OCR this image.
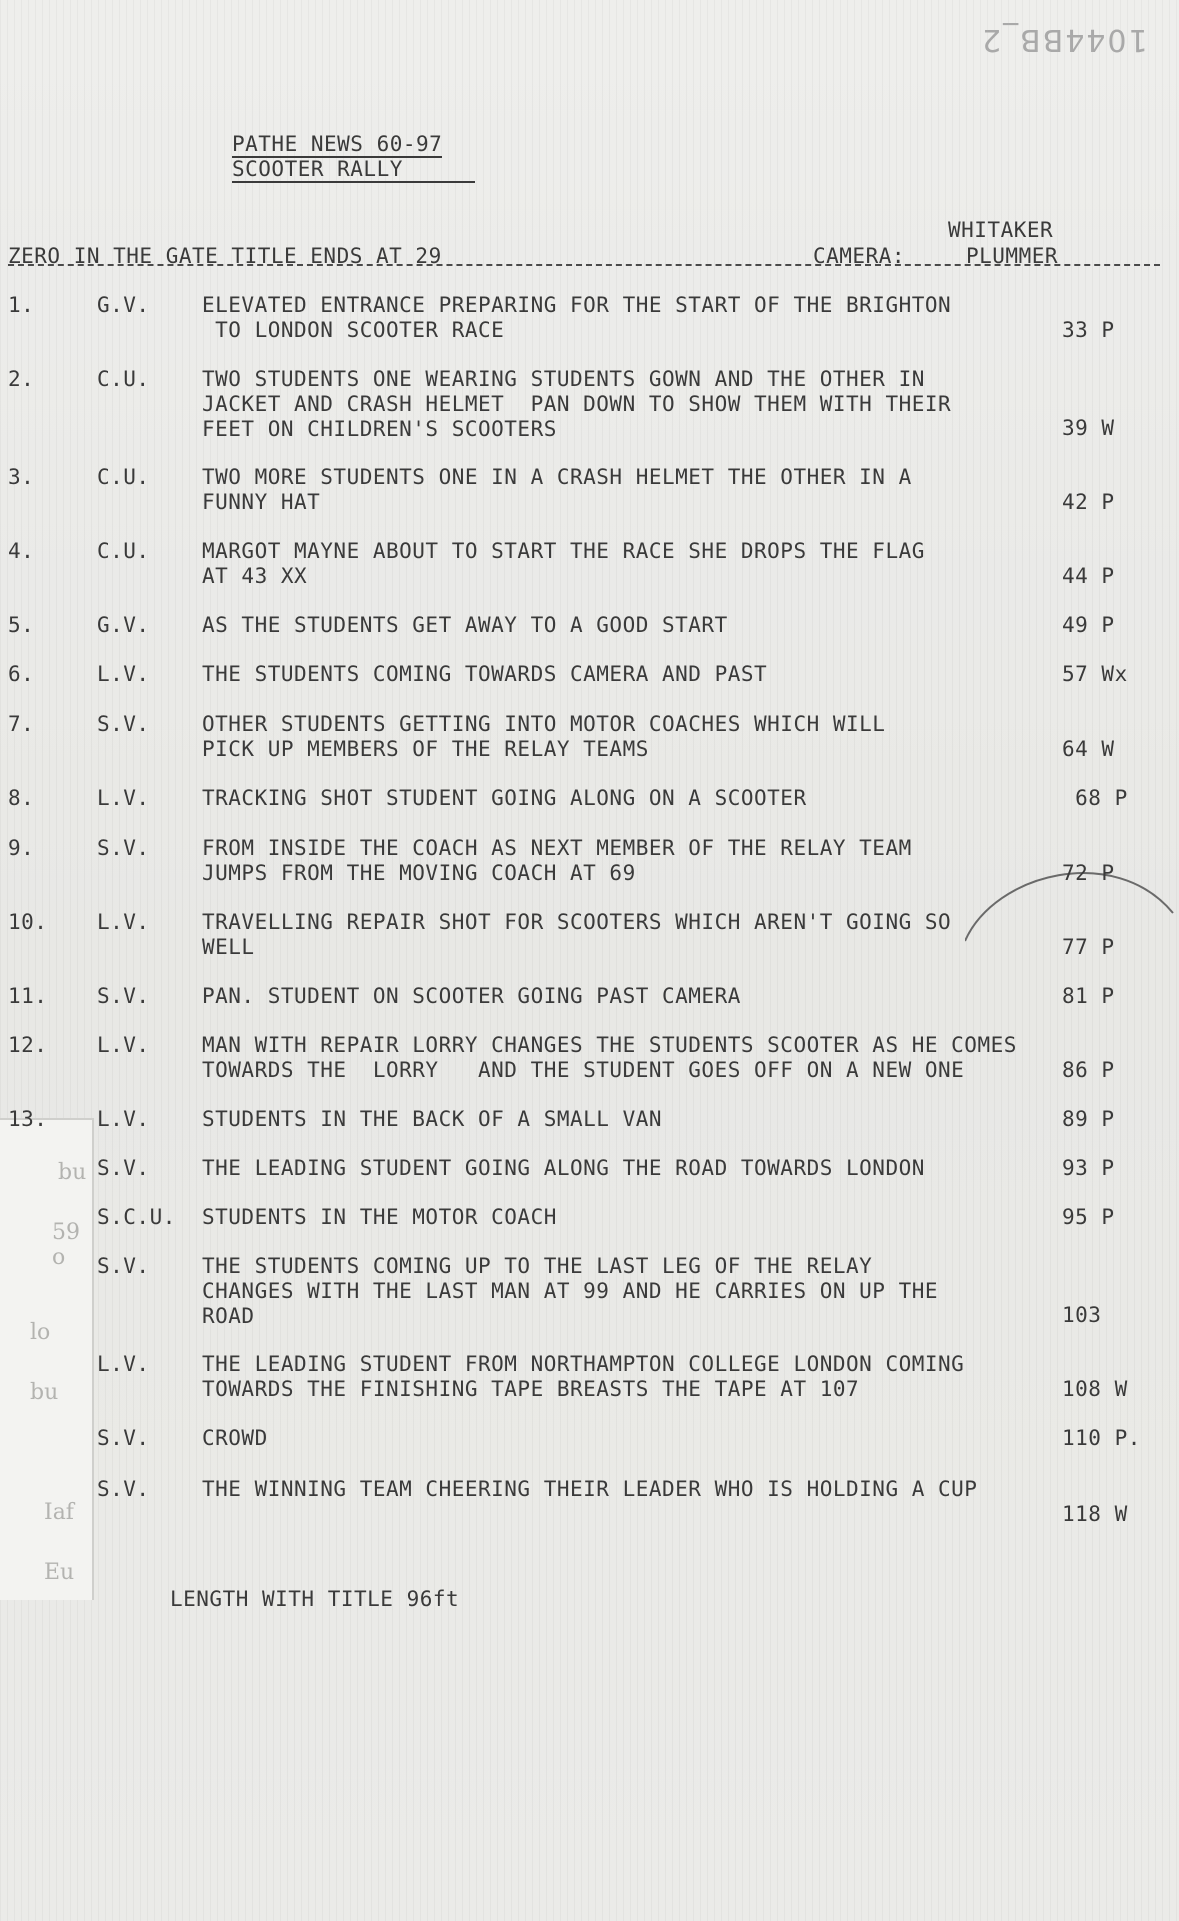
1044BB_2
PATHE NEWS 60-97
SCOOTER RALLY
WHITAKER
ZERO IN THE GATE TITLE ENDS AT 29	CAMERA:	PLUMMER
bu
59 o
lo
bu
Iaf
Eu
1.	G.V. ELEVATED ENTRANCE PREPARING FOR THE START OF THE BRIGHTON
TO LONDON SCOOTER RACE	33 P
2.	C.U. TWO STUDENTS ONE WEARING STUDENTS GOWN AND THE OTHER IN
JACKET AND CRASH HELMET  PAN DOWN TO SHOW THEM WITH THEIR
FEET ON CHILDREN'S SCOOTERS	39 W
3.	C.U. TWO MORE STUDENTS ONE IN A CRASH HELMET THE OTHER IN A
FUNNY HAT	42 P
4.	C.U. MARGOT MAYNE ABOUT TO START THE RACE SHE DROPS THE FLAG
AT 43 XX	44 P
5.	G.V. AS THE STUDENTS GET AWAY TO A GOOD START	49 P
6.	L.V. THE STUDENTS COMING TOWARDS CAMERA AND PAST	57 Wx
7.	S.V. OTHER STUDENTS GETTING INTO MOTOR COACHES WHICH WILL
PICK UP MEMBERS OF THE RELAY TEAMS	64 W
8.	L.V. TRACKING SHOT STUDENT GOING ALONG ON A SCOOTER	68 P
9.	S.V. FROM INSIDE THE COACH AS NEXT MEMBER OF THE RELAY TEAM
JUMPS FROM THE MOVING COACH AT 69	72 P
10. L.V. TRAVELLING REPAIR SHOT FOR SCOOTERS WHICH AREN'T GOING SO
WELL	77 P
11. S.V. PAN. STUDENT ON SCOOTER GOING PAST CAMERA	81 P
12. L.V. MAN WITH REPAIR LORRY CHANGES THE STUDENTS SCOOTER AS HE COMES
TOWARDS THE  LORRY   AND THE STUDENT GOES OFF ON A NEW ONE	86 P
13. L.V. STUDENTS IN THE BACK OF A SMALL VAN	89 P
S.V. THE LEADING STUDENT GOING ALONG THE ROAD TOWARDS LONDON	93 P
S.C.U. STUDENTS IN THE MOTOR COACH	95 P
S.V. THE STUDENTS COMING UP TO THE LAST LEG OF THE RELAY
CHANGES WITH THE LAST MAN AT 99 AND HE CARRIES ON UP THE
ROAD	103
L.V. THE LEADING STUDENT FROM NORTHAMPTON COLLEGE LONDON COMING
TOWARDS THE FINISHING TAPE BREASTS THE TAPE AT 107	108 W
S.V. CROWD	110 P.
S.V. THE WINNING TEAM CHEERING THEIR LEADER WHO IS HOLDING A CUP
118 W
LENGTH WITH TITLE 96ft
